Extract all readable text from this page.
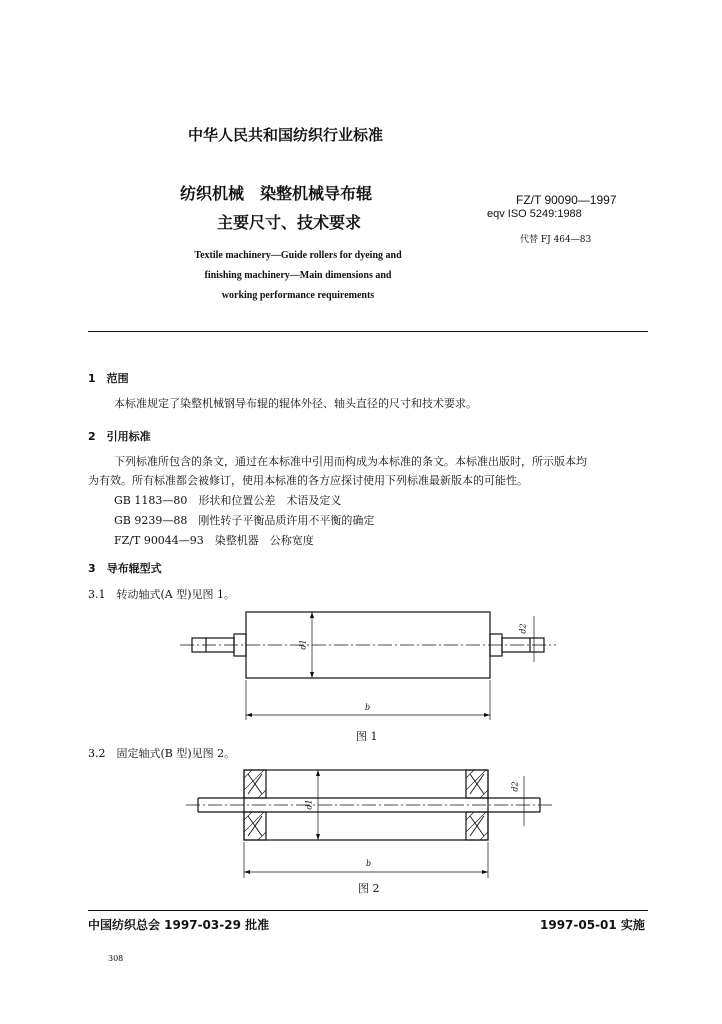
中华人民共和国纺织行业标准
纺织机械　染整机械导布辊
主要尺寸、技术要求
Textile machinery—Guide rollers for dyeing and
finishing machinery—Main dimensions and
working performance requirements
FZ/T 90090—1997
eqv ISO 5249:1988
代替 FJ 464—83
1　范围
本标准规定了染整机械钢导布辊的辊体外径、轴头直径的尺寸和技术要求。
2　引用标准
下列标准所包含的条文，通过在本标准中引用而构成为本标准的条文。本标准出版时，所示版本均
为有效。所有标准都会被修订，使用本标准的各方应探讨使用下列标准最新版本的可能性。
GB 1183—80　形状和位置公差　术语及定义
GB 9239—88　刚性转子平衡品质许用不平衡的确定
FZ/T 90044—93　染整机器　公称宽度
3　导布辊型式
3.1　转动轴式(A 型)见图 1。
d1
d2
b
图 1
3.2　固定轴式(B 型)见图 2。
d1
d2
b
图 2
中国纺织总会 1997-03-29 批准	1997-05-01 实施
308
